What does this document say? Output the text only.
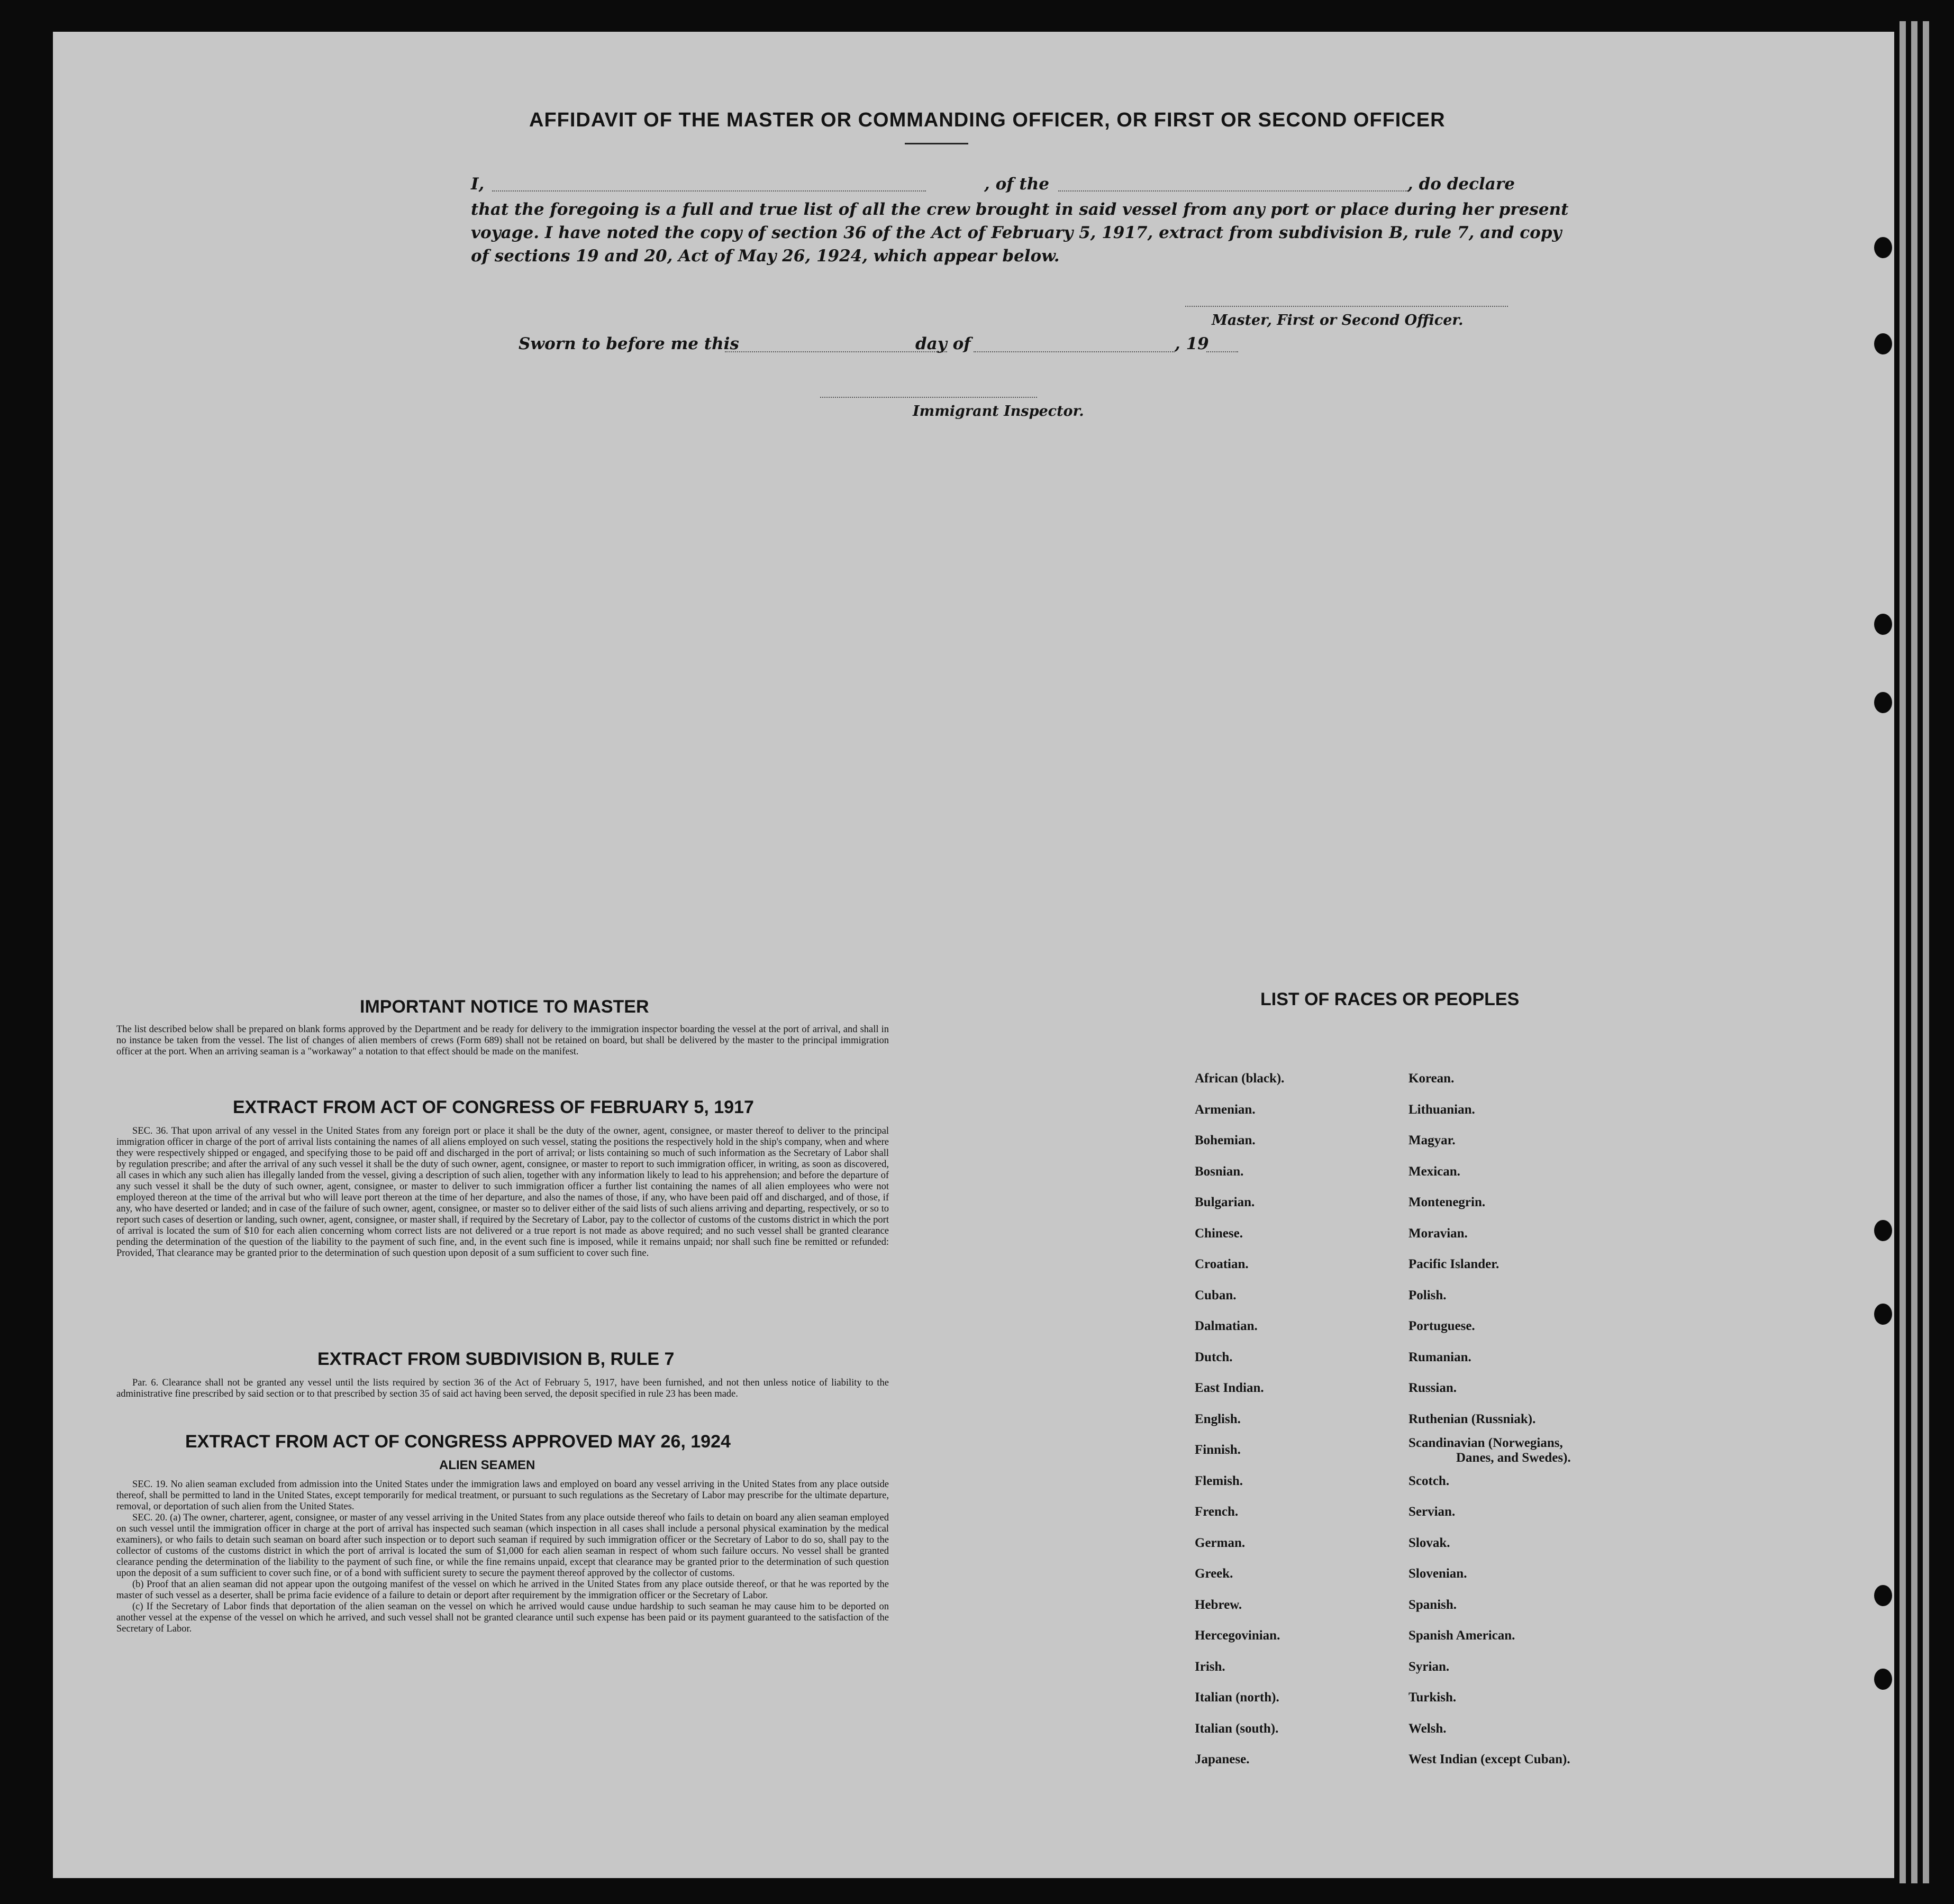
AFFIDAVIT OF THE MASTER OR COMMANDING OFFICER, OR FIRST OR SECOND OFFICER
I,	, of the	, do declare
that the foregoing is a full and true list of all the crew brought in said vessel from any port or place during her present
voyage. I have noted the copy of section 36 of the Act of February 5, 1917, extract from subdivision B, rule 7, and copy
of sections 19 and 20, Act of May 26, 1924, which appear below.
Master, First or Second Officer.
Sworn to before me this	day of	, 19
Immigrant Inspector.
IMPORTANT NOTICE TO MASTER
The list described below shall be prepared on blank forms approved by the Department and be ready for delivery to the immigration inspector boarding the vessel at the port of arrival, and shall in no instance be taken from the vessel. The list of changes of alien members of crews (Form 689) shall not be retained on board, but shall be delivered by the master to the principal immigration officer at the port. When an arriving seaman is a "workaway" a notation to that effect should be made on the manifest.
EXTRACT FROM ACT OF CONGRESS OF FEBRUARY 5, 1917
SEC. 36. That upon arrival of any vessel in the United States from any foreign port or place it shall be the duty of the owner, agent, consignee, or master thereof to deliver to the principal immigration officer in charge of the port of arrival lists containing the names of all aliens employed on such vessel, stating the positions the respectively hold in the ship's company, when and where they were respectively shipped or engaged, and specifying those to be paid off and discharged in the port of arrival; or lists containing so much of such information as the Secretary of Labor shall by regulation prescribe; and after the arrival of any such vessel it shall be the duty of such owner, agent, consignee, or master to report to such immigration officer, in writing, as soon as discovered, all cases in which any such alien has illegally landed from the vessel, giving a description of such alien, together with any information likely to lead to his apprehension; and before the departure of any such vessel it shall be the duty of such owner, agent, consignee, or master to deliver to such immigration officer a further list containing the names of all alien employees who were not employed thereon at the time of the arrival but who will leave port thereon at the time of her departure, and also the names of those, if any, who have been paid off and discharged, and of those, if any, who have deserted or landed; and in case of the failure of such owner, agent, consignee, or master so to deliver either of the said lists of such aliens arriving and departing, respectively, or so to report such cases of desertion or landing, such owner, agent, consignee, or master shall, if required by the Secretary of Labor, pay to the collector of customs of the customs district in which the port of arrival is located the sum of $10 for each alien concerning whom correct lists are not delivered or a true report is not made as above required; and no such vessel shall be granted clearance pending the determination of the question of the liability to the payment of such fine, and, in the event such fine is imposed, while it remains unpaid; nor shall such fine be remitted or refunded: Provided, That clearance may be granted prior to the determination of such question upon deposit of a sum sufficient to cover such fine.
EXTRACT FROM SUBDIVISION B, RULE 7
Par. 6. Clearance shall not be granted any vessel until the lists required by section 36 of the Act of February 5, 1917, have been furnished, and not then unless notice of liability to the administrative fine prescribed by said section or to that prescribed by section 35 of said act having been served, the deposit specified in rule 23 has been made.
EXTRACT FROM ACT OF CONGRESS APPROVED MAY 26, 1924
ALIEN SEAMEN

SEC. 19. No alien seaman excluded from admission into the United States under the immigration laws and employed on board any vessel arriving in the United States from any place outside thereof, shall be permitted to land in the United States, except temporarily for medical treatment, or pursuant to such regulations as the Secretary of Labor may prescribe for the ultimate departure, removal, or deportation of such alien from the United States.

SEC. 20. (a) The owner, charterer, agent, consignee, or master of any vessel arriving in the United States from any place outside thereof who fails to detain on board any alien seaman employed on such vessel until the immigration officer in charge at the port of arrival has inspected such seaman (which inspection in all cases shall include a personal physical examination by the medical examiners), or who fails to detain such seaman on board after such inspection or to deport such seaman if required by such immigration officer or the Secretary of Labor to do so, shall pay to the collector of customs of the customs district in which the port of arrival is located the sum of $1,000 for each alien seaman in respect of whom such failure occurs. No vessel shall be granted clearance pending the determination of the liability to the payment of such fine, or while the fine remains unpaid, except that clearance may be granted prior to the determination of such question upon the deposit of a sum sufficient to cover such fine, or of a bond with sufficient surety to secure the payment thereof approved by the collector of customs.

(b) Proof that an alien seaman did not appear upon the outgoing manifest of the vessel on which he arrived in the United States from any place outside thereof, or that he was reported by the master of such vessel as a deserter, shall be prima facie evidence of a failure to detain or deport after requirement by the immigration officer or the Secretary of Labor.

(c) If the Secretary of Labor finds that deportation of the alien seaman on the vessel on which he arrived would cause undue hardship to such seaman he may cause him to be deported on another vessel at the expense of the vessel on which he arrived, and such vessel shall not be granted clearance until such expense has been paid or its payment guaranteed to the satisfaction of the Secretary of Labor.

LIST OF RACES OR PEOPLES
African (black).
Armenian.
Bohemian.
Bosnian.
Bulgarian.
Chinese.
Croatian.
Cuban.
Dalmatian.
Dutch.
East Indian.
English.
Finnish.
Flemish.
French.
German.
Greek.
Hebrew.
Hercegovinian.
Irish.
Italian (north).
Italian (south).
Japanese.
Korean.
Lithuanian.
Magyar.
Mexican.
Montenegrin.
Moravian.
Pacific Islander.
Polish.
Portuguese.
Rumanian.
Russian.
Ruthenian (Russniak).
Scandinavian (Norwegians,
Danes, and Swedes).
Scotch.
Servian.
Slovak.
Slovenian.
Spanish.
Spanish American.
Syrian.
Turkish.
Welsh.
West Indian (except Cuban).
